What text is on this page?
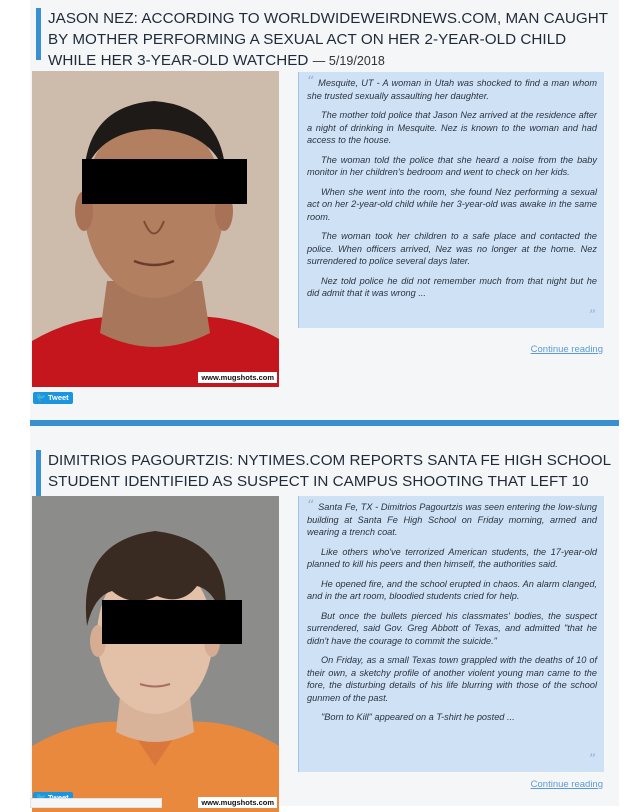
JASON NEZ: ACCORDING TO WORLDWIDEWEIRDNEWS.COM, MAN CAUGHT BY MOTHER PERFORMING A SEXUAL ACT ON HER 2-YEAR-OLD CHILD WHILE HER 3-YEAR-OLD WATCHED — 5/19/2018
www.mugshots.com

“ Mesquite, UT - A woman in Utah was shocked to find a man whom she trusted sexually assaulting her daughter.

The mother told police that Jason Nez arrived at the residence after a night of drinking in Mesquite. Nez is known to the woman and had access to the house.

The woman told the police that she heard a noise from the baby monitor in her children's bedroom and went to check on her kids.

When she went into the room, she found Nez performing a sexual act on her 2-year-old child while her 3-year-old was awake in the same room.

The woman took her children to a safe place and contacted the police. When officers arrived, Nez was no longer at the home. Nez surrendered to police several days later.

Nez told police he did not remember much from that night but he did admit that it was wrong ...

”
Continue reading
🐦 Tweet
DIMITRIOS PAGOURTZIS: NYTIMES.COM REPORTS SANTA FE HIGH SCHOOL STUDENT IDENTIFIED AS SUSPECT IN CAMPUS SHOOTING THAT LEFT 10
www.mugshots.com

“ Santa Fe, TX - Dimitrios Pagourtzis was seen entering the low-slung building at Santa Fe High School on Friday morning, armed and wearing a trench coat.

Like others who've terrorized American students, the 17-year-old planned to kill his peers and then himself, the authorities said.

He opened fire, and the school erupted in chaos. An alarm clanged, and in the art room, bloodied students cried for help.

But once the bullets pierced his classmates' bodies, the suspect surrendered, said Gov. Greg Abbott of Texas, and admitted "that he didn't have the courage to commit the suicide."

On Friday, as a small Texas town grappled with the deaths of 10 of their own, a sketchy profile of another violent young man came to the fore, the disturbing details of his life blurring with those of the school gunmen of the past.

"Born to Kill" appeared on a T-shirt he posted ...

”
Continue reading
